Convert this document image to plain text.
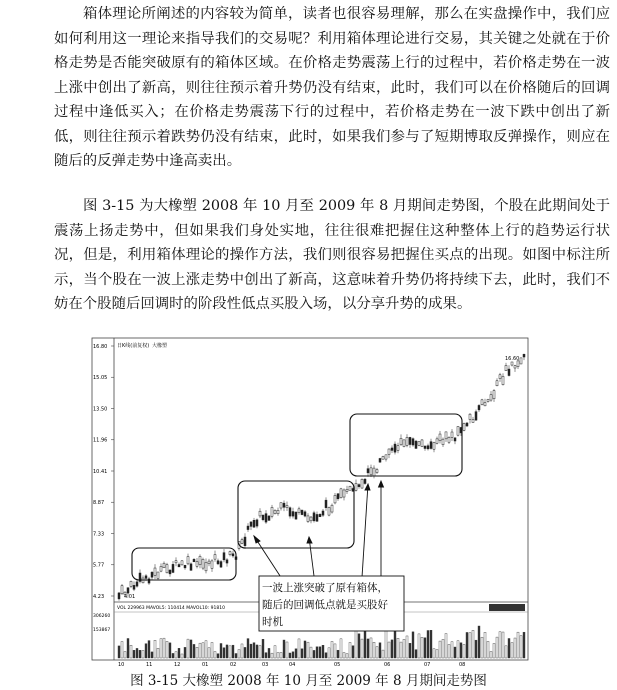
箱体理论所阐述的内容较为简单，读者也很容易理解，那么在实盘操作中，我们应如何利用这一理论来指导我们的交易呢？利用箱体理论进行交易，其关键之处就在于价格走势是否能突破原有的箱体区域。在价格走势震荡上行的过程中，若价格走势在一波上涨中创出了新高，则往往预示着升势仍没有结束，此时，我们可以在价格随后的回调过程中逢低买入；在价格走势震荡下行的过程中，若价格走势在一波下跌中创出了新低，则往往预示着跌势仍没有结束，此时，如果我们参与了短期博取反弹操作，则应在随后的反弹走势中逢高卖出。

图 3-15 为大橡塑 2008 年 10 月至 2009 年 8 月期间走势图，个股在此期间处于震荡上扬走势中，但如果我们身处实地，往往很难把握住这种整体上行的趋势运行状况，但是，利用箱体理论的操作方法，我们则很容易把握住买点的出现。如图中标注所示，当个股在一波上涨走势中创出了新高，这意味着升势仍将持续下去，此时，我们不妨在个股随后回调时的阶段性低点买股入场，以分享升势的成果。

日K线(前复权) 大橡塑
VOL 229963 MAVOL5: 110414 MAVOL10: 91810
16.80
15.05
13.50
11.96
10.41
8.87
7.33
5.77
4.23
306260
153867
10	11	12	01	02	03	04	05	06	07	08
16.60
4.01
一波上涨突破了原有箱体，
随后的回调低点就是买股好
时机
图 3-15 大橡塑 2008 年 10 月至 2009 年 8 月期间走势图
